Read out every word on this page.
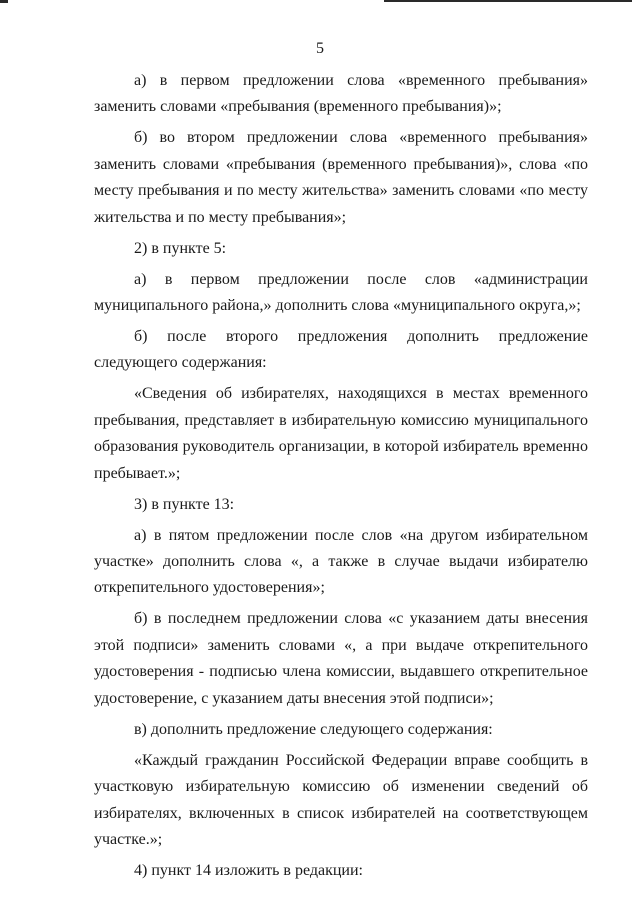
5

а) в первом предложении слова «временного пребывания» заменить словами «пребывания (временного пребывания)»;

б) во втором предложении слова «временного пребывания» заменить словами «пребывания (временного пребывания)», слова «по месту пребывания и по месту жительства» заменить словами «по месту жительства и по месту пребывания»;

2) в пункте 5:

а) в первом предложении после слов «администрации муниципального района,» дополнить слова «муниципального округа,»;

б) после второго предложения дополнить предложение следующего содержания:

«Сведения об избирателях, находящихся в местах временного пребывания, представляет в избирательную комиссию муниципального образования руководитель организации, в которой избиратель временно пребывает.»;

3) в пункте 13:

а) в пятом предложении после слов «на другом избирательном участке» дополнить слова «, а также в случае выдачи избирателю открепительного удостоверения»;

б) в последнем предложении слова «с указанием даты внесения этой подписи» заменить словами «, а при выдаче открепительного удостоверения - подписью члена комиссии, выдавшего открепительное удостоверение, с указанием даты внесения этой подписи»;

в) дополнить предложение следующего содержания:

«Каждый гражданин Российской Федерации вправе сообщить в участковую избирательную комиссию об изменении сведений об избирателях, включенных в список избирателей на соответствующем участке.»;

4) пункт 14 изложить в редакции:
